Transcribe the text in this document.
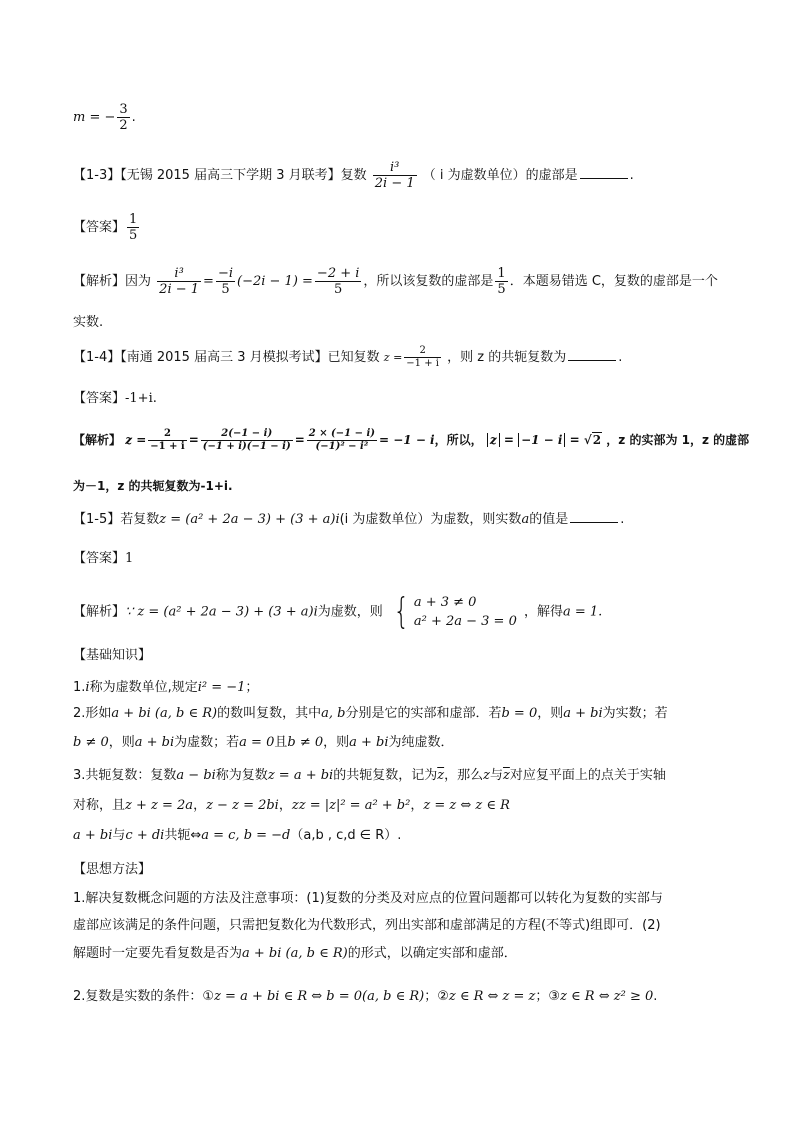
m = − $\frac{3}{2}$ .
【1-3】【无锡 2015 届高三下学期 3 月联考】复数 $\frac{\text{i³}}{2i - 1}$ （ i 为虚数单位）的虚部是	.
【答案】 $\frac{1}{5}$
【解析】因为 $\frac{\text{i³}}{2i - 1} = \frac{-i}{5} (-2i - 1) = \frac{-2 + i}{5}$ ，所以该复数的虚部是 $\frac{1}{5}$ ．本题易错选 C，复数的虚部是一个
实数.
【1-4】【南通 2015 届高三 3 月模拟考试】已知复数 $z = \frac{2}{-1 + i}$ ，则 z 的共轭复数为	.
【答案】-1+i.
【解析】 $z = \frac{2}{-1 + i} = \frac{2(-1 - i)}{(-1 + i)(-1 - i)} = \frac{2 \times (-1 - i)}{\text{(−1)² − i²}} = -1 - i$，所以， z = −1 − i = √2 ，z 的实部为 1，z 的虚部
为－1，z 的共轭复数为-1+i.
【1-5】若复数z = (a² + 2a − 3) + (3 + a)i(i 为虚数单位）为虚数，则实数a的值是	.
【答案】1
【解析】∵ z = (a² + 2a − 3) + (3 + a)i为虚数，则 { a + 3 ≠ 0
a² + 2a − 3 = 0
，解得a = 1.
【基础知识】
1.i称为虚数单位,规定i² = −1；
2.形如a + bi (a, b ∈ R)的数叫复数，其中a, b分别是它的实部和虚部．若b = 0，则a + bi为实数；若
b ≠ 0，则a + bi为虚数；若a = 0且b ≠ 0，则a + bi为纯虚数．
3.共轭复数：复数a − bi称为复数z = a + bi的共轭复数，记为$\overline{z}$，那么z与$\overline{z}$对应复平面上的点关于实轴
对称，且z + z = 2a，z − z = 2bi，zz = |z|² = a² + b²，z = z ⇔ z ∈ R
a + bi与c + di共轭⇔a = c, b = −d（a,b , c,d ∈ R）.
【思想方法】
1.解决复数概念问题的方法及注意事项：(1)复数的分类及对应点的位置问题都可以转化为复数的实部与
虚部应该满足的条件问题，只需把复数化为代数形式，列出实部和虚部满足的方程(不等式)组即可．(2)
解题时一定要先看复数是否为a + bi (a, b ∈ R)的形式，以确定实部和虚部．
2.复数是实数的条件：①z = a + bi ∈ R ⇔ b = 0(a, b ∈ R)；②z ∈ R ⇔ z = z；③z ∈ R ⇔ z² ≥ 0.
